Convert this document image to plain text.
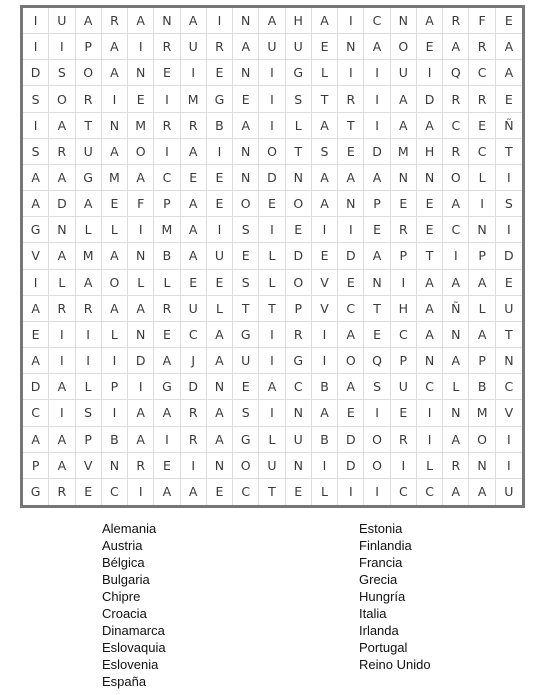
I	U	A	R	A	N	A	I	N	A	H	A	I	C	N	A	R	F	E
I	I	P	A	I	R	U	R	A	U	U	E	N	A	O	E	A	R	A
D	S	O	A	N	E	I	E	N	I	G	L	I	I	U	I	Q	C	A
S	O	R	I	E	I	M	G	E	I	S	T	R	I	A	D	R	R	E
I	A	T	N	M	R	R	B	A	I	L	A	T	I	A	A	C	E	Ñ
S	R	U	A	O	I	A	I	N	O	T	S	E	D	M	H	R	C	T
A	A	G	M	A	C	E	E	N	D	N	A	A	A	N	N	O	L	I
A	D	A	E	F	P	A	E	O	E	O	A	N	P	E	E	A	I	S
G	N	L	L	I	M	A	I	S	I	E	I	I	E	R	E	C	N	I
V	A	M	A	N	B	A	U	E	L	D	E	D	A	P	T	I	P	D
I	L	A	O	L	L	E	E	S	L	O	V	E	N	I	A	A	A	E
A	R	R	A	A	R	U	L	T	T	P	V	C	T	H	A	Ñ	L	U
E	I	I	L	N	E	C	A	G	I	R	I	A	E	C	A	N	A	T
A	I	I	I	D	A	J	A	U	I	G	I	O	Q	P	N	A	P	N
D	A	L	P	I	G	D	N	E	A	C	B	A	S	U	C	L	B	C
C	I	S	I	A	A	R	A	S	I	N	A	E	I	E	I	N	M	V
A	A	P	B	A	I	R	A	G	L	U	B	D	O	R	I	A	O	I
P	A	V	N	R	E	I	N	O	U	N	I	D	O	I	L	R	N	I
G	R	E	C	I	A	A	E	C	T	E	L	I	I	C	C	A	A	U
Alemania
Austria
Bélgica
Bulgaria
Chipre
Croacia
Dinamarca
Eslovaquia
Eslovenia
España
Estonia
Finlandia
Francia
Grecia
Hungría
Italia
Irlanda
Portugal
Reino Unido
